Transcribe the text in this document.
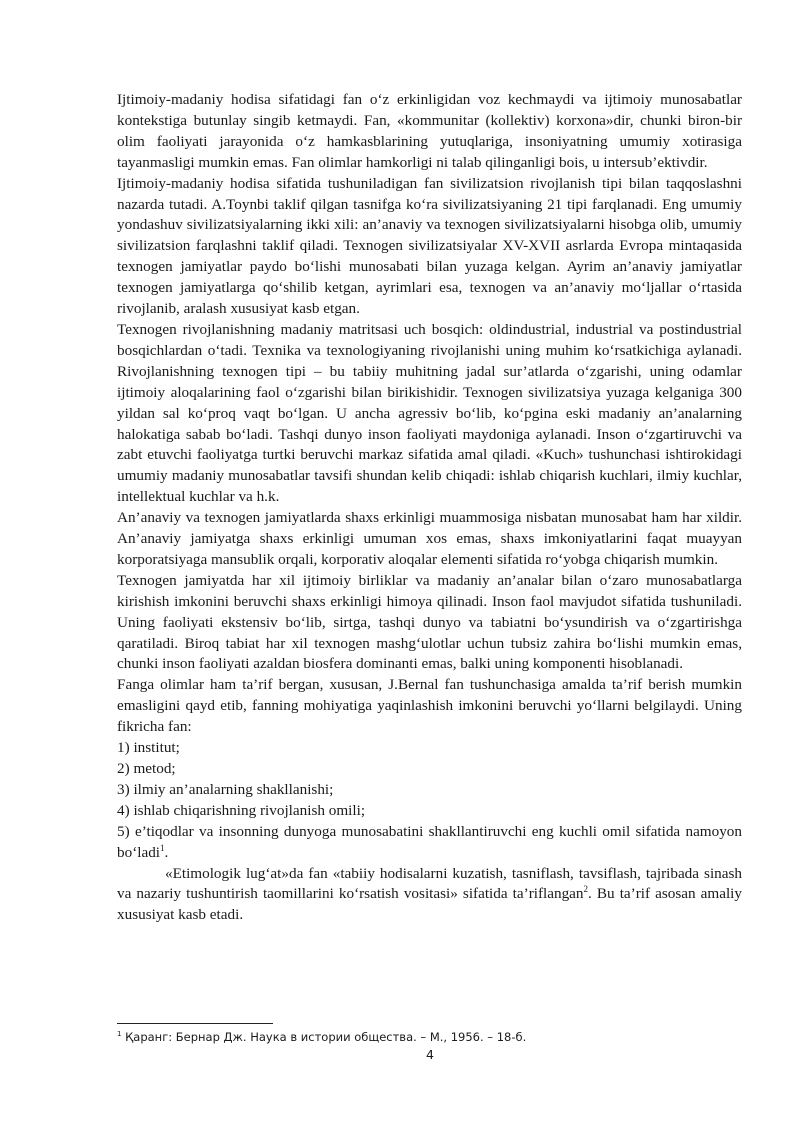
Ijtimoiy-madaniy hodisa sifatidagi fan o‘z erkinligidan voz kechmaydi va ijtimoiy munosabatlar kontekstiga butunlay singib ketmaydi. Fan, «kommunitar (kollektiv) korxona»dir, chunki biron-bir olim faoliyati jarayonida o‘z hamkasblarining yutuqlariga, insoniyatning umumiy xotirasiga tayanmasligi mumkin emas. Fan olimlar hamkorligi ni talab qilinganligi bois, u intersub’ektivdir.

Ijtimoiy-madaniy hodisa sifatida tushuniladigan fan sivilizatsion rivojlanish tipi bilan taqqoslashni nazarda tutadi. A.Toynbi taklif qilgan tasnifga ko‘ra sivilizatsiyaning 21 tipi farqlanadi. Eng umumiy yondashuv sivilizatsiyalarning ikki xili: an’anaviy va texnogen sivilizatsiyalarni hisobga olib, umumiy sivilizatsion farqlashni taklif qiladi. Texnogen sivilizatsiyalar XV-XVII asrlarda Evropa mintaqasida texnogen jamiyatlar paydo bo‘lishi munosabati bilan yuzaga kelgan. Ayrim an’anaviy jamiyatlar texnogen jamiyatlarga qo‘shilib ketgan, ayrimlari esa, texnogen va an’anaviy mo‘ljallar o‘rtasida rivojlanib, aralash xususiyat kasb etgan.

Texnogen rivojlanishning madaniy matritsasi uch bosqich: oldindustrial, industrial va postindustrial bosqichlardan o‘tadi. Texnika va texnologiyaning rivojlanishi uning muhim ko‘rsatkichiga aylanadi. Rivojlanishning texnogen tipi – bu tabiiy muhitning jadal sur’atlarda o‘zgarishi, uning odamlar ijtimoiy aloqalarining faol o‘zgarishi bilan birikishidir. Texnogen sivilizatsiya yuzaga kelganiga 300 yildan sal ko‘proq vaqt bo‘lgan. U ancha agressiv bo‘lib, ko‘pgina eski madaniy an’analarning halokatiga sabab bo‘ladi. Tashqi dunyo inson faoliyati maydoniga aylanadi. Inson o‘zgartiruvchi va zabt etuvchi faoliyatga turtki beruvchi markaz sifatida amal qiladi. «Kuch» tushunchasi ishtirokidagi umumiy madaniy munosabatlar tavsifi shundan kelib chiqadi: ishlab chiqarish kuchlari, ilmiy kuchlar, intellektual kuchlar va h.k.

An’anaviy va texnogen jamiyatlarda shaxs erkinligi muammosiga nisbatan munosabat ham har xildir. An’anaviy jamiyatga shaxs erkinligi umuman xos emas, shaxs imkoniyatlarini faqat muayyan korporatsiyaga mansublik orqali, korporativ aloqalar elementi sifatida ro‘yobga chiqarish mumkin.

Texnogen jamiyatda har xil ijtimoiy birliklar va madaniy an’analar bilan o‘zaro munosabatlarga kirishish imkonini beruvchi shaxs erkinligi himoya qilinadi. Inson faol mavjudot sifatida tushuniladi. Uning faoliyati ekstensiv bo‘lib, sirtga, tashqi dunyo va tabiatni bo‘ysundirish va o‘zgartirishga qaratiladi. Biroq tabiat har xil texnogen mashg‘ulotlar uchun tubsiz zahira bo‘lishi mumkin emas, chunki inson faoliyati azaldan biosfera dominanti emas, balki uning komponenti hisoblanadi.

Fanga olimlar ham ta’rif bergan, xususan, J.Bernal fan tushunchasiga amalda ta’rif berish mumkin emasligini qayd etib, fanning mohiyatiga yaqinlashish imkonini beruvchi yo‘llarni belgilaydi. Uning fikricha fan:

1) institut;

2) metod;

3) ilmiy an’analarning shakllanishi;

4) ishlab chiqarishning rivojlanish omili;

5) e’tiqodlar va insonning dunyoga munosabatini shakllantiruvchi eng kuchli omil sifatida namoyon bo‘ladi$^1$.

«Etimologik lug‘at»da fan «tabiiy hodisalarni kuzatish, tasniflash, tavsiflash, tajribada sinash va nazariy tushuntirish taomillarini ko‘rsatish vositasi» sifatida ta’riflangan$^2$. Bu ta’rif asosan amaliy xususiyat kasb etadi.

$^1$ Қаранг: Бернар Дж. Наука в истории общества. – М., 1956. – 18-б.
4
